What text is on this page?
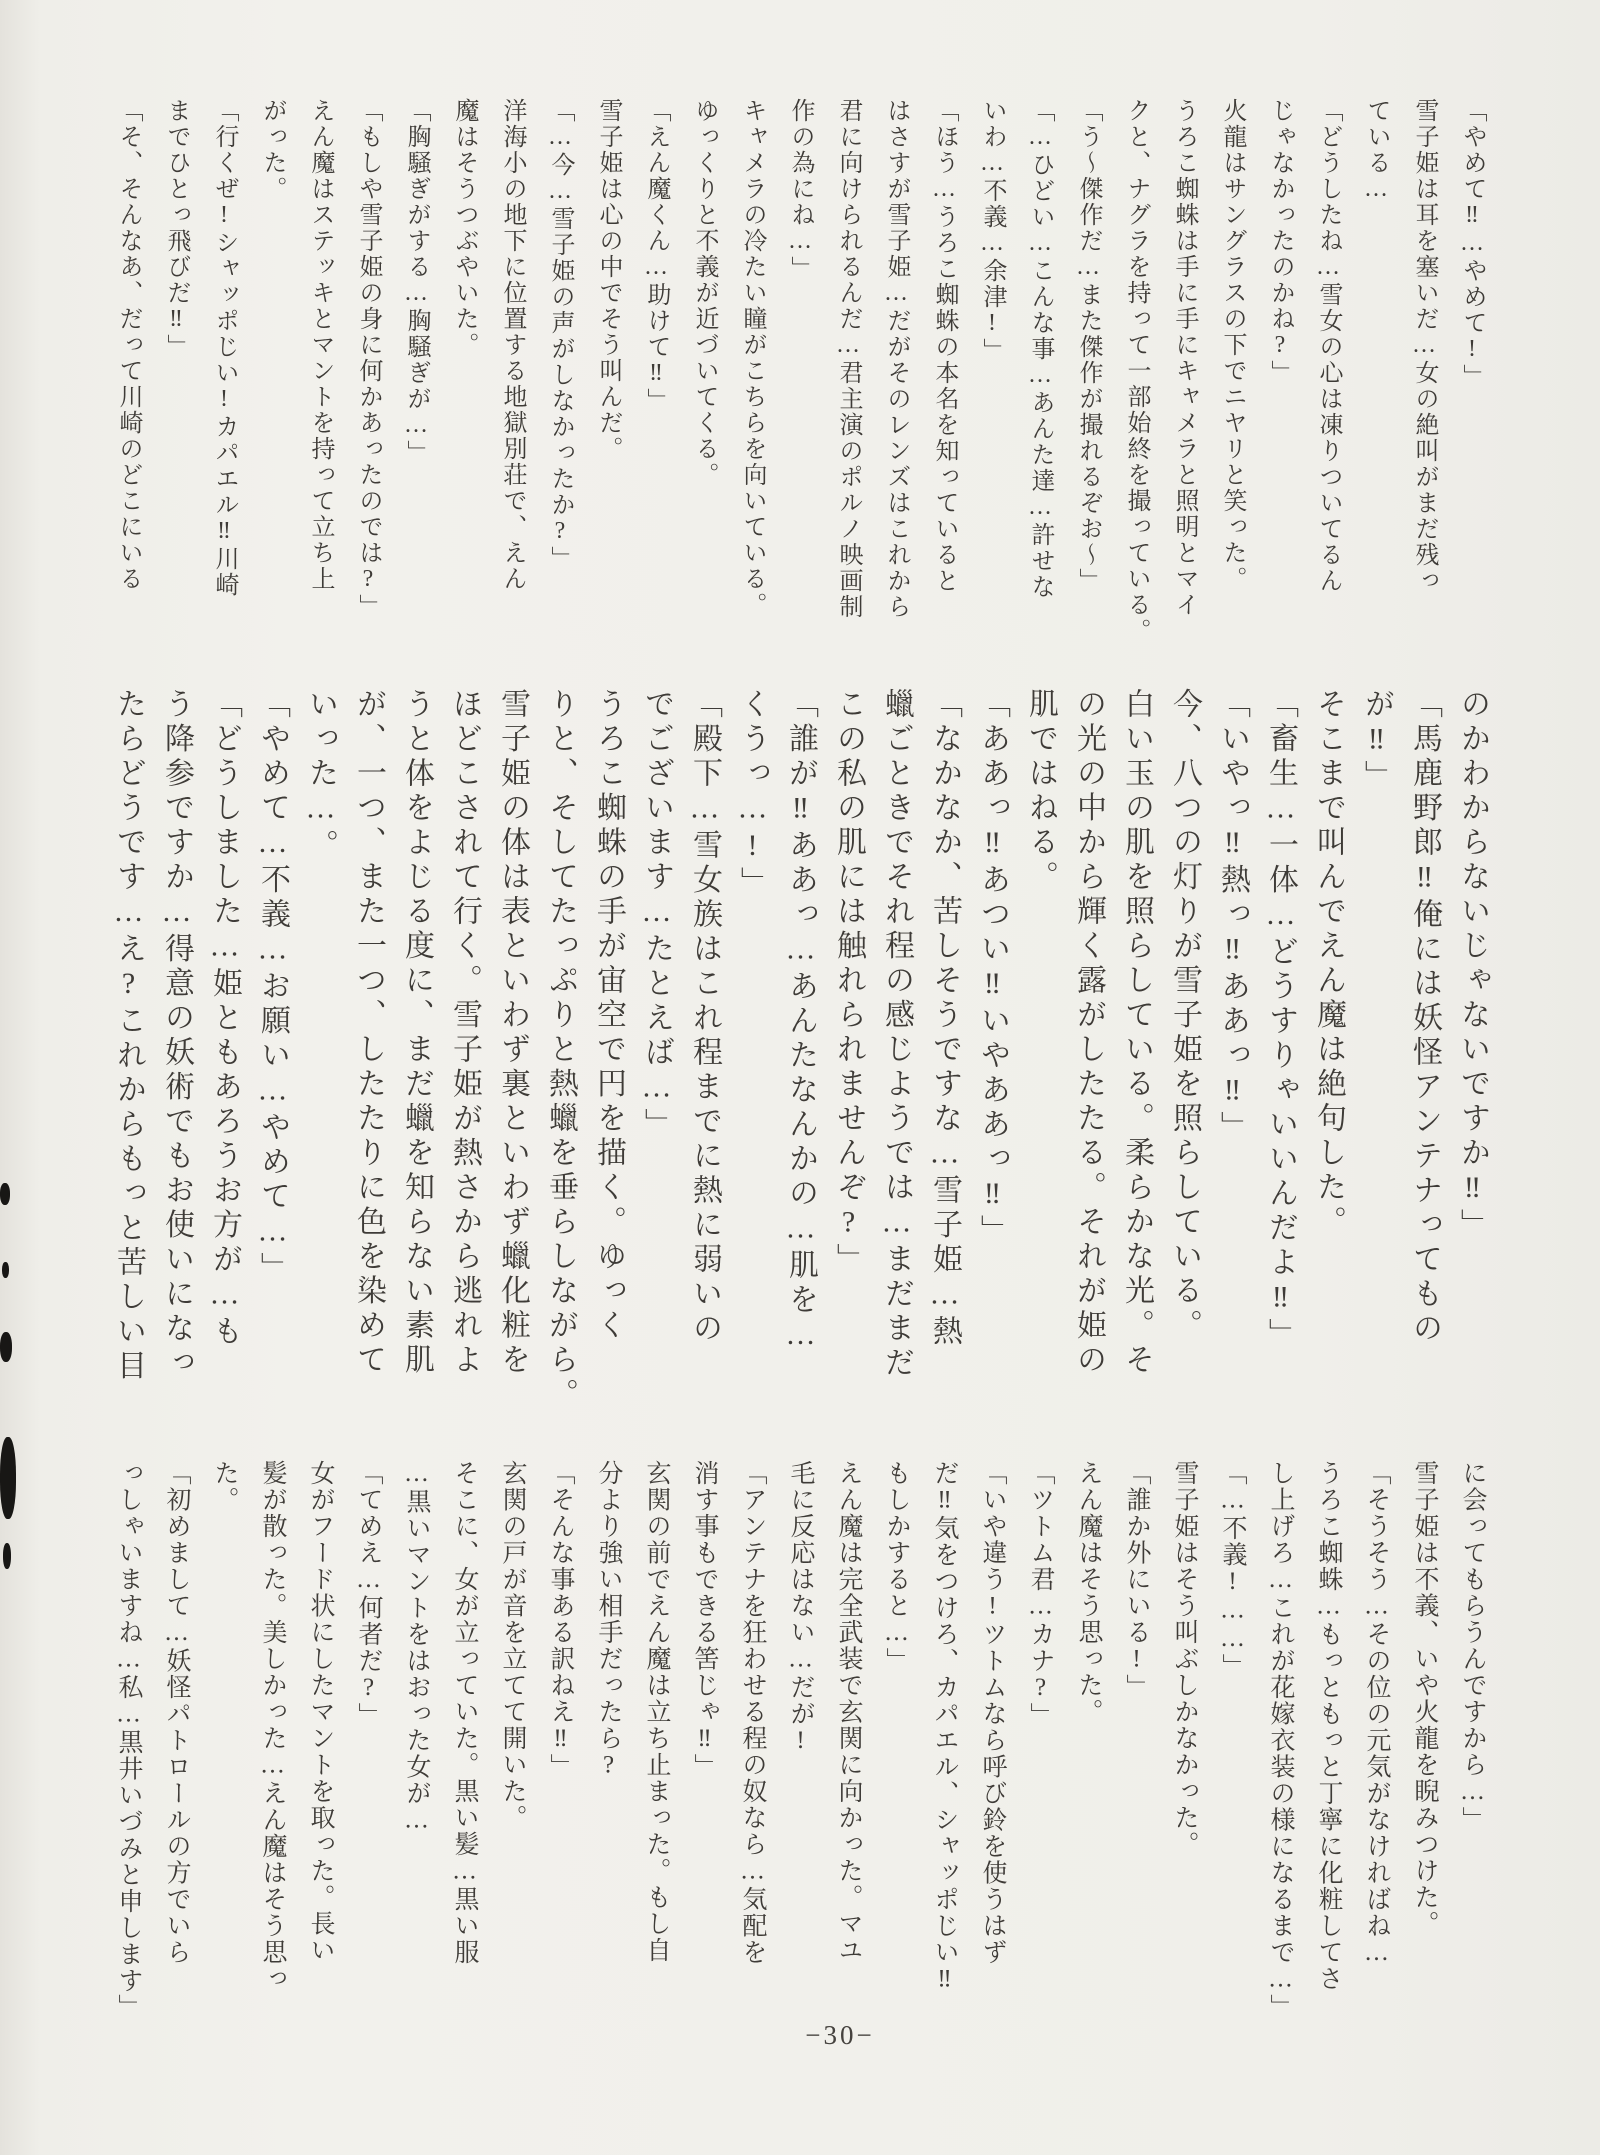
「やめて‼…やめて!」
雪子姫は耳を塞いだ…女の絶叫がまだ残っ
ている…
「どうしたね…雪女の心は凍りついてるん
じゃなかったのかね?」
火龍はサングラスの下でニヤリと笑った。
うろこ蜘蛛は手に手にキャメラと照明とマイ
クと、ナグラを持って一部始終を撮っている。
「う〜傑作だ…また傑作が撮れるぞお〜」
「…ひどい…こんな事…あんた達…許せな
いわ…不義…余津!」
「ほう…うろこ蜘蛛の本名を知っていると
はさすが雪子姫…だがそのレンズはこれから
君に向けられるんだ…君主演のポルノ映画制
作の為にね…」
キャメラの冷たい瞳がこちらを向いている。
ゆっくりと不義が近づいてくる。
「えん魔くん…助けて‼」
雪子姫は心の中でそう叫んだ。
「…今…雪子姫の声がしなかったか?」
洋海小の地下に位置する地獄別荘で、えん
魔はそうつぶやいた。
「胸騒ぎがする…胸騒ぎが…」
「もしや雪子姫の身に何かあったのでは?」
えん魔はステッキとマントを持って立ち上
がった。
「行くぜ!シャッポじい!カパエル‼川崎
までひとっ飛びだ‼」
「そ、そんなあ、だって川崎のどこにいる
のかわからないじゃないですか‼」
「馬鹿野郎‼俺には妖怪アンテナってもの
が‼」
そこまで叫んでえん魔は絶句した。
「畜生…一体…どうすりゃいいんだよ‼」
「いやっ‼熱っ‼ああっ‼」
今、八つの灯りが雪子姫を照らしている。
白い玉の肌を照らしている。柔らかな光。そ
の光の中から輝く露がしたたる。それが姫の
肌ではねる。
「ああっ‼あつい‼いやああっ‼」
「なかなか、苦しそうですな…雪子姫…熱
蠟ごときでそれ程の感じようでは…まだまだ
この私の肌には触れられませんぞ?」
「誰が‼ああっ…あんたなんかの…肌を…
くうっ…!」
「殿下…雪女族はこれ程までに熱に弱いの
でございます…たとえば…」
うろこ蜘蛛の手が宙空で円を描く。ゆっく
りと、そしてたっぷりと熱蠟を垂らしながら。
雪子姫の体は表といわず裏といわず蠟化粧を
ほどこされて行く。雪子姫が熱さから逃れよ
うと体をよじる度に、まだ蠟を知らない素肌
が、一つ、また一つ、したたりに色を染めて
いった…。
「やめて…不義…お願い…やめて…」
「どうしました…姫ともあろうお方が…も
う降参ですか…得意の妖術でもお使いになっ
たらどうです…え?これからもっと苦しい目
に会ってもらうんですから…」
雪子姫は不義、いや火龍を睨みつけた。
「そうそう…その位の元気がなければね…
うろこ蜘蛛…もっともっと丁寧に化粧してさ
し上げろ…これが花嫁衣装の様になるまで…」
「…不義!……」
雪子姫はそう叫ぶしかなかった。
「誰か外にいる!」
えん魔はそう思った。
「ツトム君…カナ?」
「いや違う!ツトムなら呼び鈴を使うはず
だ‼気をつけろ、カパエル、シャッポじい‼
もしかすると…」
えん魔は完全武装で玄関に向かった。マユ
毛に反応はない…だが!
「アンテナを狂わせる程の奴なら…気配を
消す事もできる筈じゃ‼」
玄関の前でえん魔は立ち止まった。もし自
分より強い相手だったら?
「そんな事ある訳ねえ‼」
玄関の戸が音を立てて開いた。
そこに、女が立っていた。黒い髪…黒い服
…黒いマントをはおった女が…
「てめえ…何者だ?」
女がフード状にしたマントを取った。長い
髪が散った。美しかった…えん魔はそう思っ
た。
「初めまして…妖怪パトロールの方でいら
っしゃいますね…私…黒井いづみと申します」
−30−
